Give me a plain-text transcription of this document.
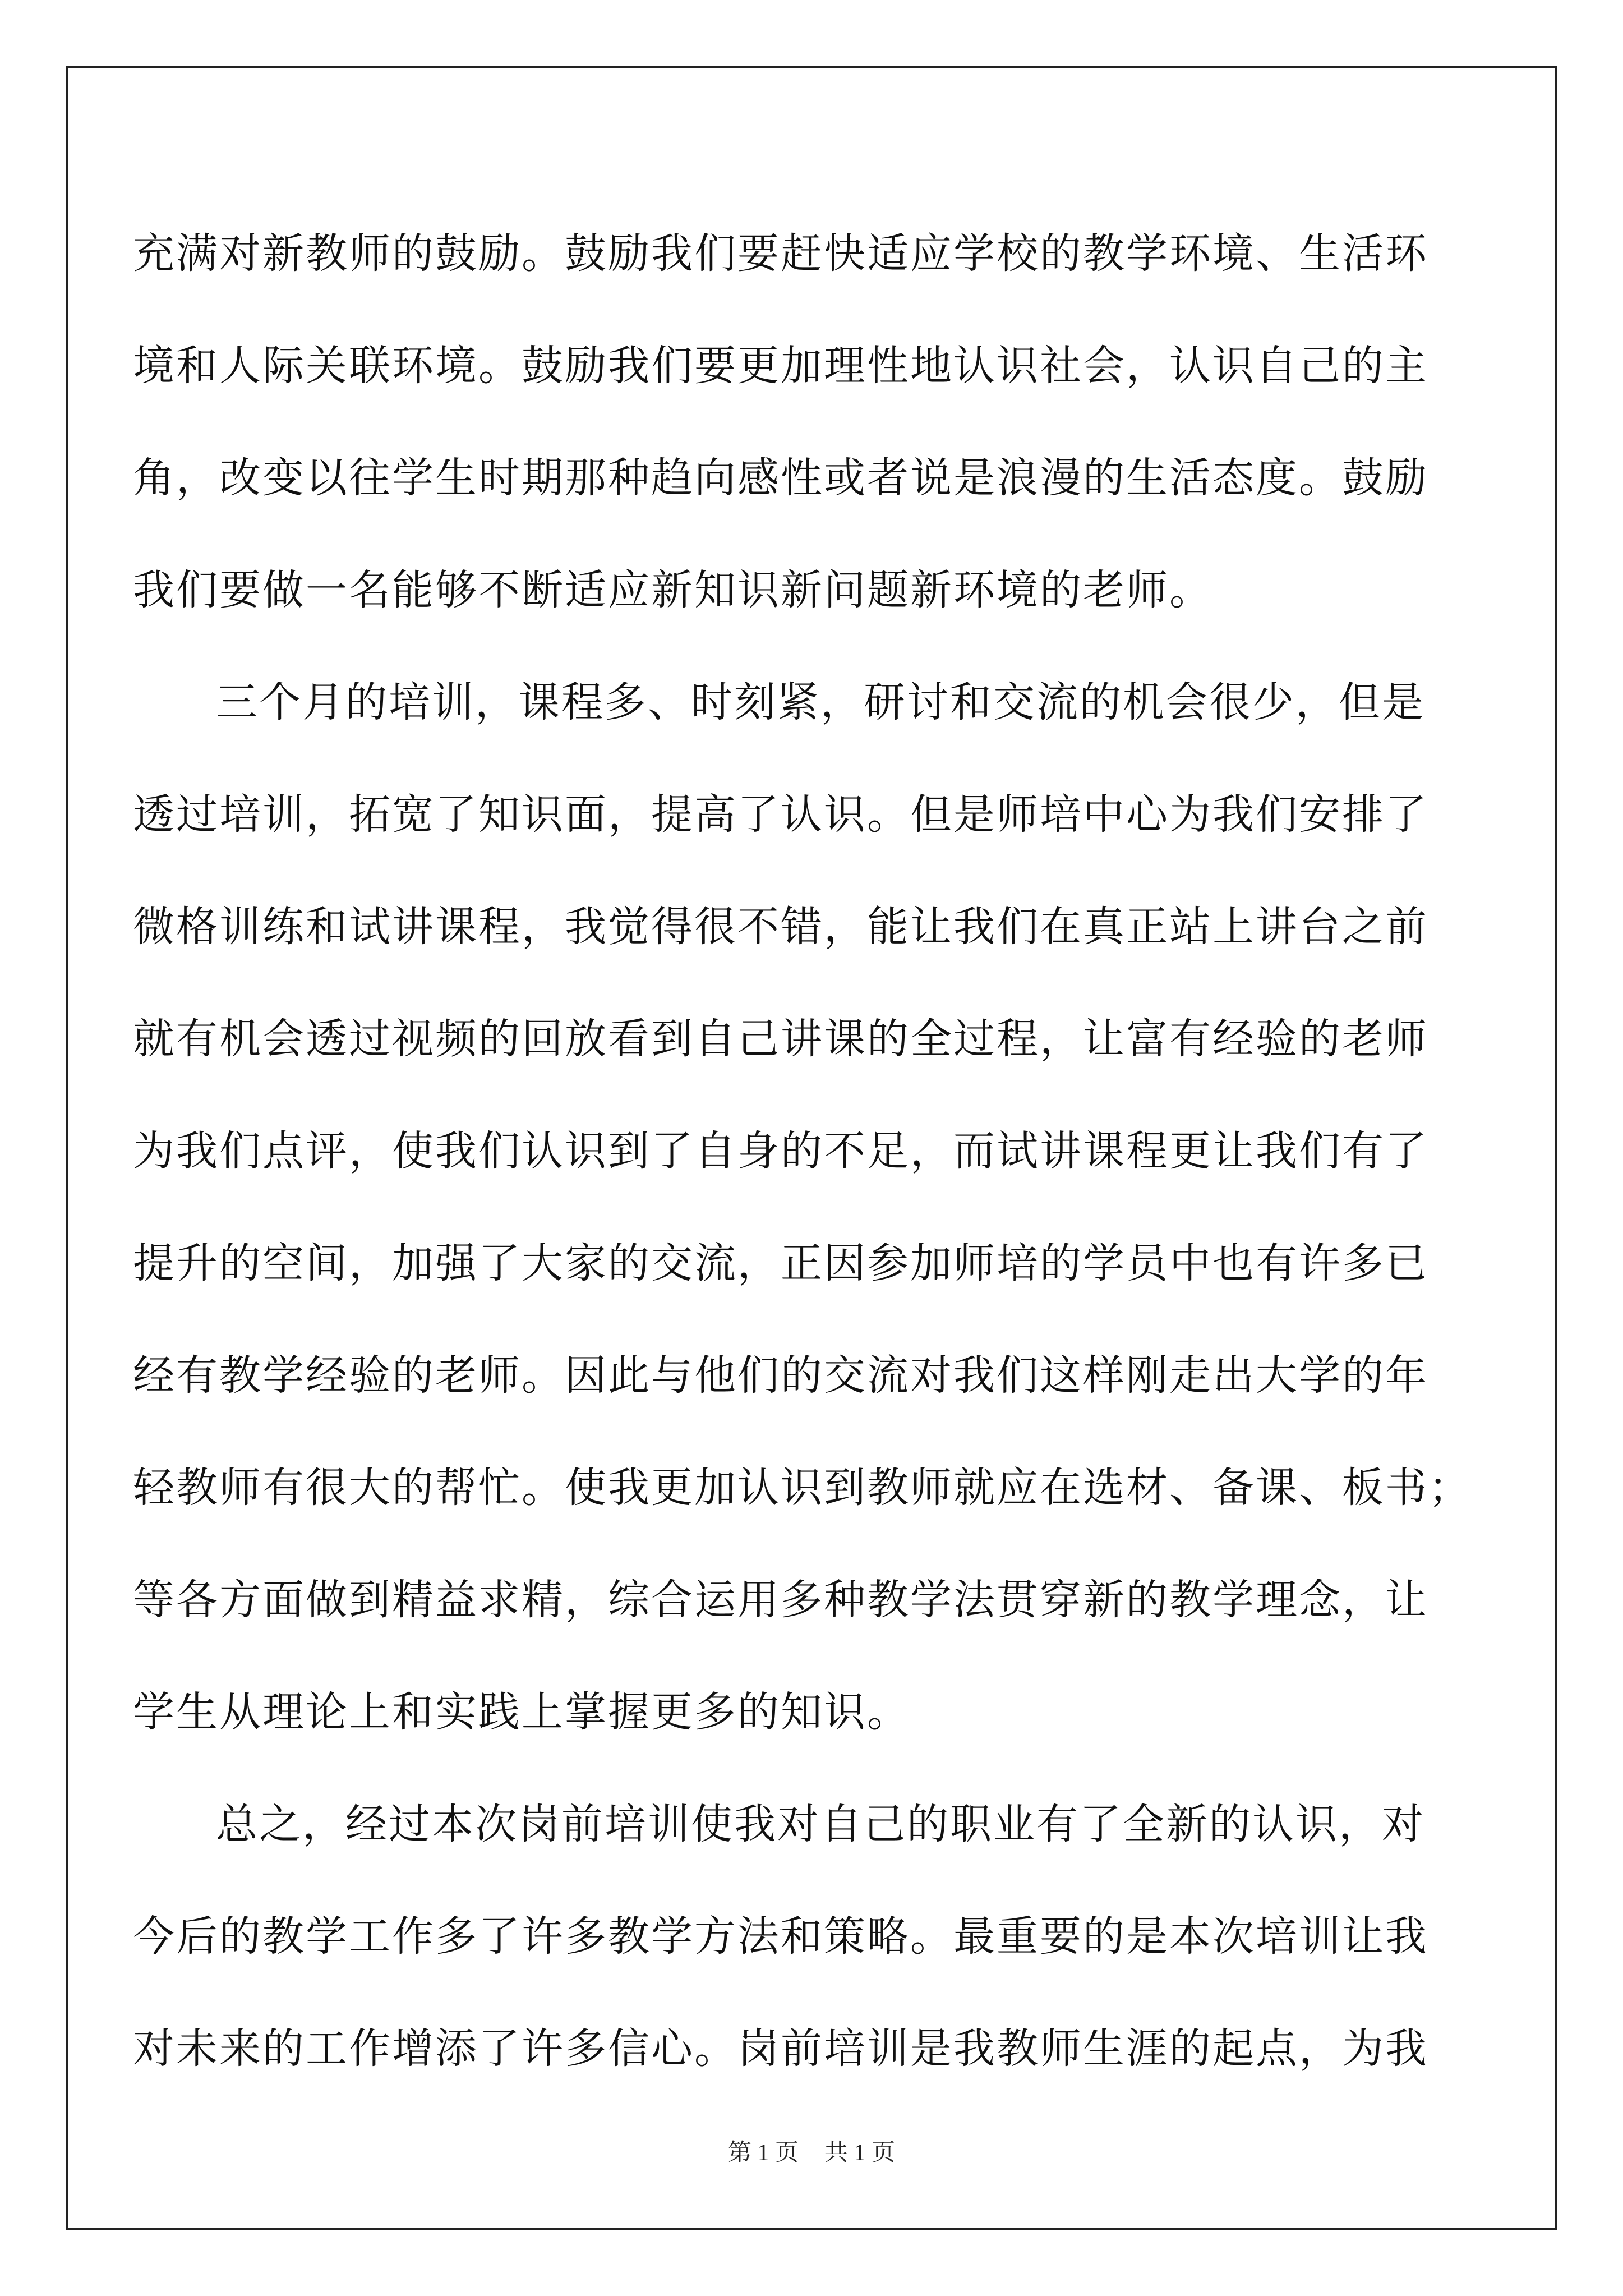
充满对新教师的鼓励。鼓励我们要赶快适应学校的教学环境、生活环
境和人际关联环境。鼓励我们要更加理性地认识社会，认识自己的主
角，改变以往学生时期那种趋向感性或者说是浪漫的生活态度。鼓励
我们要做一名能够不断适应新知识新问题新环境的老师。
三个月的培训，课程多、时刻紧，研讨和交流的机会很少，但是
透过培训，拓宽了知识面，提高了认识。但是师培中心为我们安排了
微格训练和试讲课程，我觉得很不错，能让我们在真正站上讲台之前
就有机会透过视频的回放看到自己讲课的全过程，让富有经验的老师
为我们点评，使我们认识到了自身的不足，而试讲课程更让我们有了
提升的空间，加强了大家的交流，正因参加师培的学员中也有许多已
经有教学经验的老师。因此与他们的交流对我们这样刚走出大学的年
轻教师有很大的帮忙。使我更加认识到教师就应在选材、备课、板书；
等各方面做到精益求精，综合运用多种教学法贯穿新的教学理念，让
学生从理论上和实践上掌握更多的知识。
总之，经过本次岗前培训使我对自己的职业有了全新的认识，对
今后的教学工作多了许多教学方法和策略。最重要的是本次培训让我
对未来的工作增添了许多信心。岗前培训是我教师生涯的起点，为我
第 1 页 共 1 页
